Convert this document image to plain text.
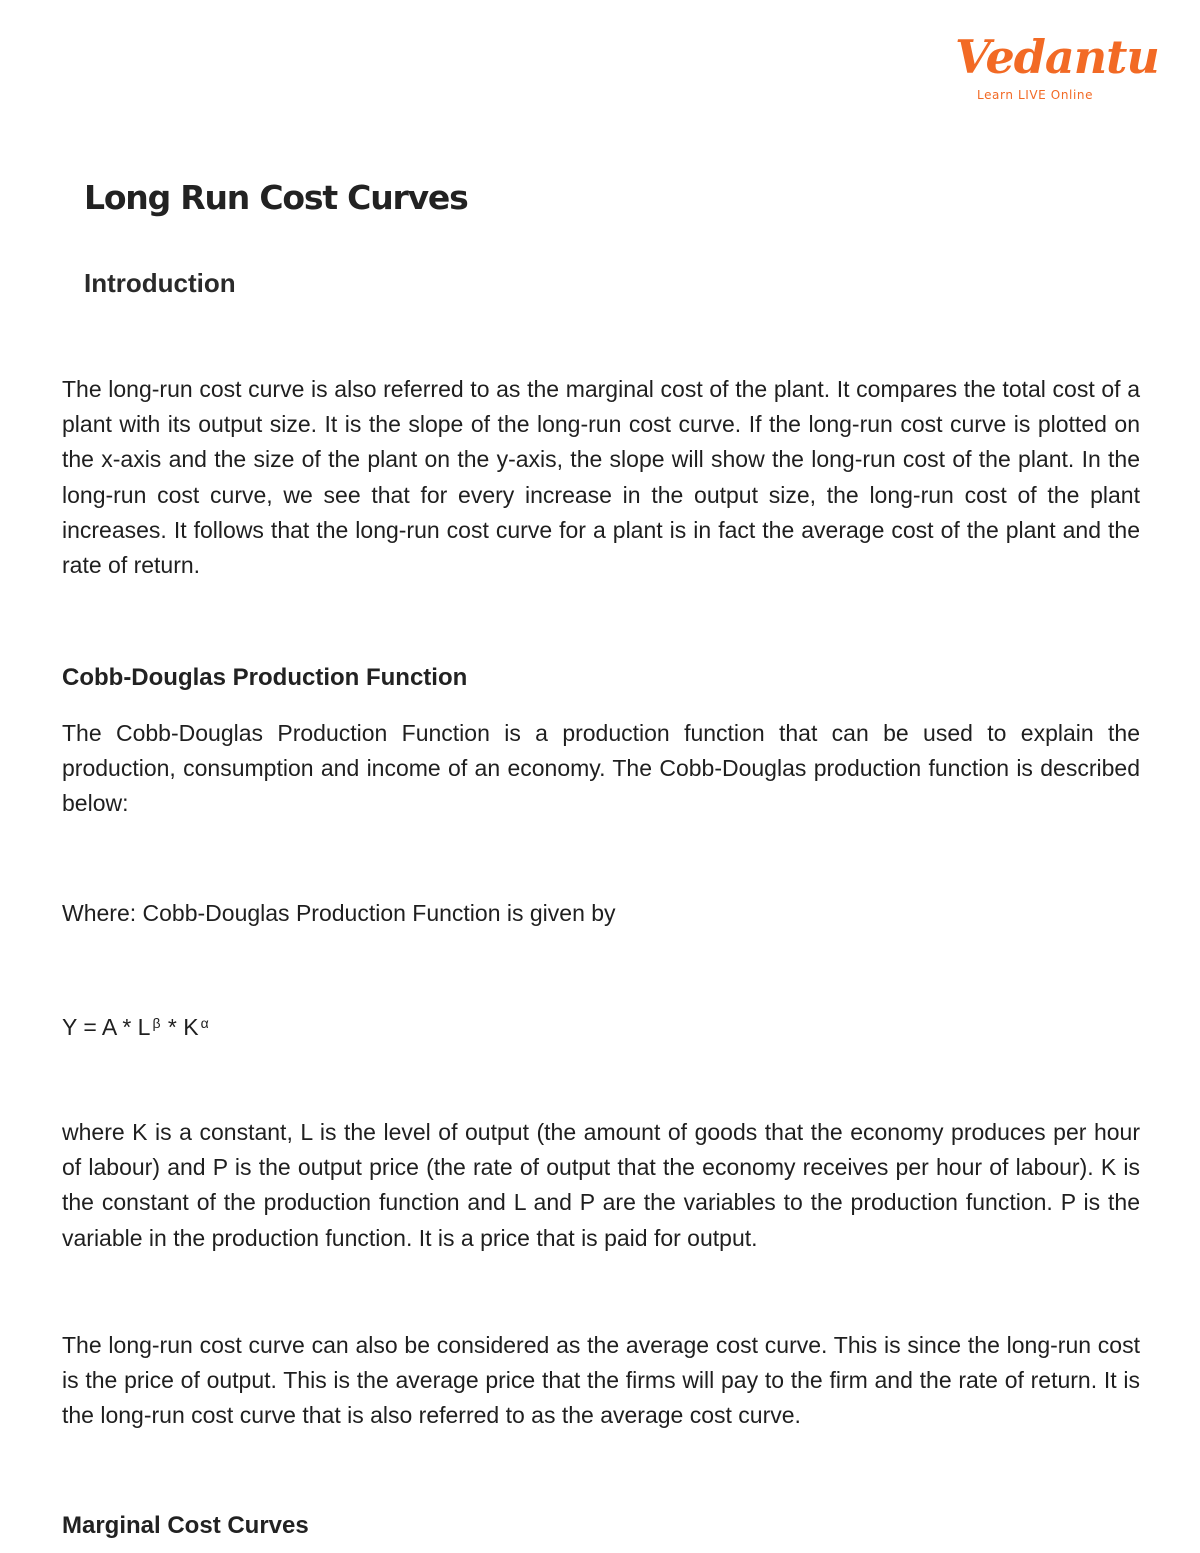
Vedantu
Learn LIVE Online
Long Run Cost Curves
Introduction

The long-run cost curve is also referred to as the marginal cost of the plant. It compares the total cost of a plant with its output size. It is the slope of the long-run cost curve. If the long-run cost curve is plotted on the x-axis and the size of the plant on the y-axis, the slope will show the long-run cost of the plant. In the long-run cost curve, we see that for every increase in the output size, the long-run cost of the plant increases. It follows that the long-run cost curve for a plant is in fact the average cost of the plant and the rate of return.

Cobb-Douglas Production Function

The Cobb-Douglas Production Function is a production function that can be used to explain the production, consumption and income of an economy. The Cobb-Douglas production function is described below:

Where: Cobb-Douglas Production Function is given by

Y = A * L $^\beta$ * K $^\alpha$

where K is a constant, L is the level of output (the amount of goods that the economy produces per hour of labour) and P is the output price (the rate of output that the economy receives per hour of labour). K is the constant of the production function and L and P are the variables to the production function. P is the variable in the production function. It is a price that is paid for output.

The long-run cost curve can also be considered as the average cost curve. This is since the long-run cost is the price of output. This is the average price that the firms will pay to the firm and the rate of return. It is the long-run cost curve that is also referred to as the average cost curve.

Marginal Cost Curves
